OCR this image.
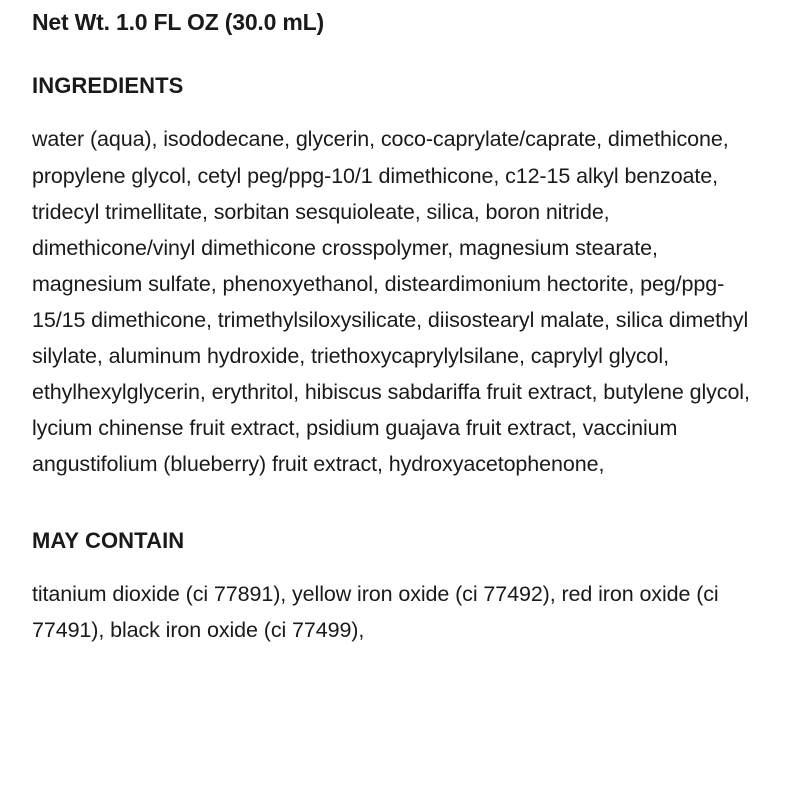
Net Wt. 1.0 FL OZ (30.0 mL)

INGREDIENTS

water (aqua), isododecane, glycerin, coco-caprylate/caprate, dimethicone, propylene glycol, cetyl peg/ppg-10/1 dimethicone, c12-15 alkyl benzoate, tridecyl trimellitate, sorbitan sesquioleate, silica, boron nitride, dimethicone/vinyl dimethicone crosspolymer, magnesium stearate, magnesium sulfate, phenoxyethanol, disteardimonium hectorite, peg/ppg-15/15 dimethicone, trimethylsiloxysilicate, diisostearyl malate, silica dimethyl silylate, aluminum hydroxide, triethoxycaprylylsilane, caprylyl glycol, ethylhexylglycerin, erythritol, hibiscus sabdariffa fruit extract, butylene glycol, lycium chinense fruit extract, psidium guajava fruit extract, vaccinium angustifolium (blueberry) fruit extract, hydroxyacetophenone,

MAY CONTAIN

titanium dioxide (ci 77891), yellow iron oxide (ci 77492), red iron oxide (ci 77491), black iron oxide (ci 77499),
